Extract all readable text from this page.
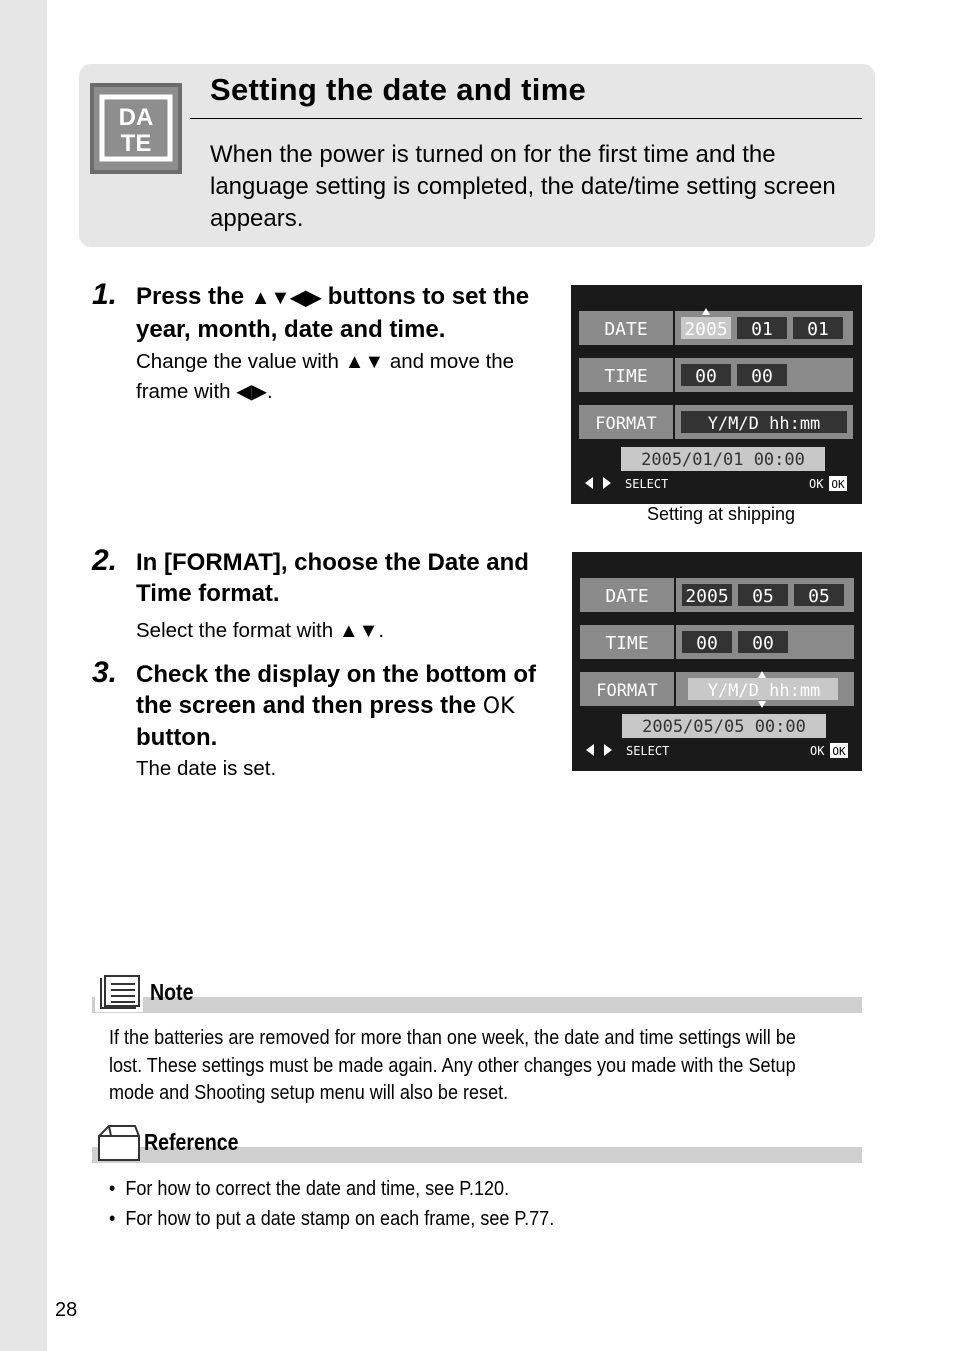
DA
TE
Setting the date and time
When the power is turned on for the first time and the language setting is completed, the date/time setting screen appears.
1. Press the ▲▼◀▶ buttons to set the year, month, date and time.
Change the value with ▲▼ and move the frame with ◀▶.
DATE 2005 01 01
TIME	00 00
FORMAT	Y/M/D hh:mm
2005/01/01 00:00
SELECT	OK OK
Setting at shipping
2. In [FORMAT], choose the Date and Time format.
Select the format with ▲▼.
3. Check the display on the bottom of the screen and then press the OK button.
The date is set.
DATE 2005 05 05
TIME	00 00
FORMAT	Y/M/D hh:mm
2005/05/05 00:00
SELECT	OK OK
Note
If the batteries are removed for more than one week, the date and time settings will be lost. These settings must be made again. Any other changes you made with the Setup mode and Shooting setup menu will also be reset.
Reference
•  For how to correct the date and time, see P.120.
•  For how to put a date stamp on each frame, see P.77.
28
